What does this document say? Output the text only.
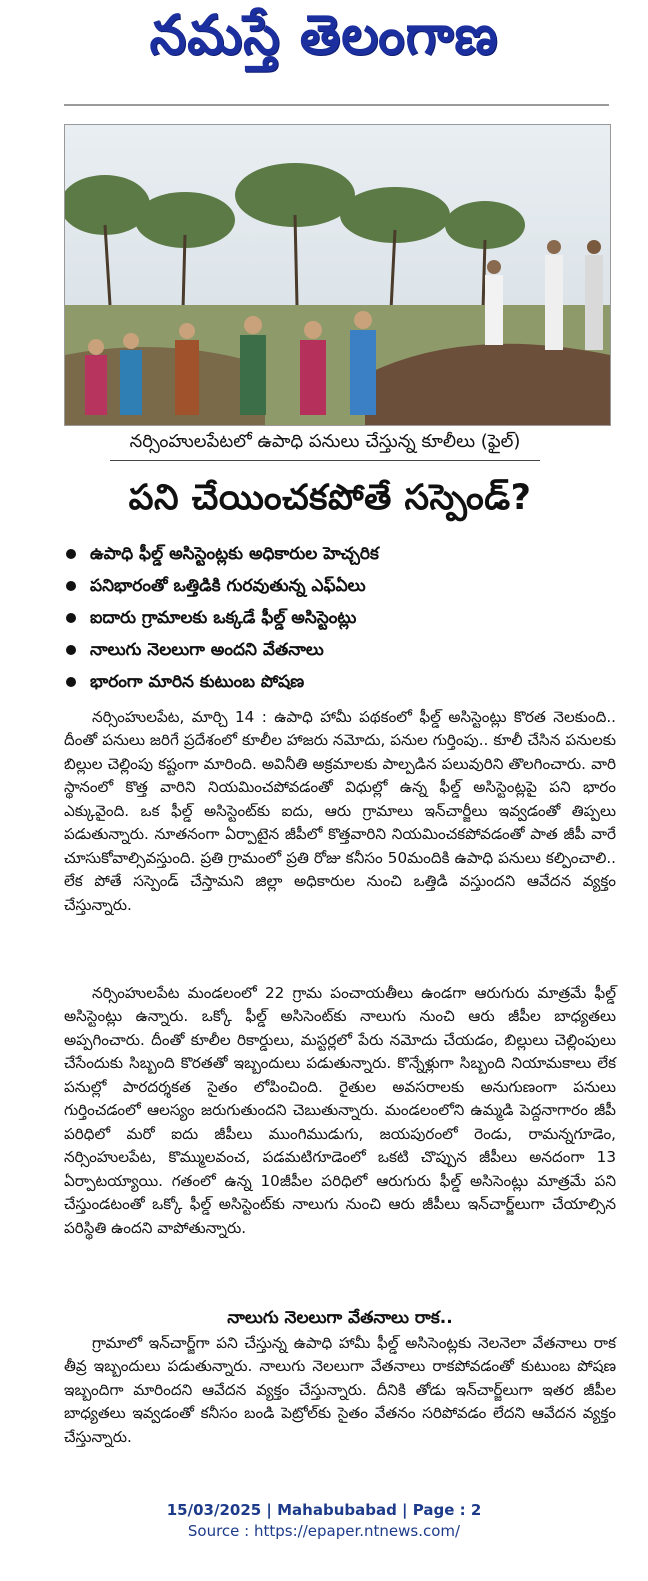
నమస్తే తెలంగాణ
నర్సింహులపేటలో ఉపాధి పనులు చేస్తున్న కూలీలు (ఫైల్)
పని చేయించకపోతే సస్పెండ్?
ఉపాధి ఫీల్డ్ అసిస్టెంట్లకు అధికారుల హెచ్చరిక
పనిభారంతో ఒత్తిడికి గురవుతున్న ఎఫ్ఏలు
ఐదారు గ్రామాలకు ఒక్కడే ఫీల్డ్ అసిస్టెంట్లు
నాలుగు నెలలుగా అందని వేతనాలు
భారంగా మారిన కుటుంబ పోషణ

నర్సింహులపేట, మార్చి 14 : ఉపాధి హామీ పథకంలో ఫీల్డ్ అసిస్టెంట్లు కొరత నెలకుంది.. దీంతో పనులు జరిగే ప్రదేశంలో కూలీల హాజరు నమోదు, పనుల గుర్తింపు.. కూలీ చేసిన పనులకు బిల్లుల చెల్లింపు కష్టంగా మారింది. అవినీతి అక్రమాలకు పాల్పడిన పలువురిని తొలగించారు. వారి స్థానంలో కొత్త వారిని నియమించపోవడంతో విధుల్లో ఉన్న ఫీల్డ్ అసిస్టెంట్లపై పని భారం ఎక్కువైంది. ఒక ఫీల్డ్ అసిస్టెంట్‌కు ఐదు, ఆరు గ్రామాలు ఇన్‌చార్జీలు ఇవ్వడంతో తిప్పలు పడుతున్నారు. నూతనంగా ఏర్పాటైన జీపీలో కొత్తవారిని నియమించకపోవడంతో పాత జీపీ వారే చూసుకోవాల్సివస్తుంది. ప్రతి గ్రామంలో ప్రతి రోజు కనీసం 50మందికి ఉపాధి పనులు కల్పించాలి.. లేక పోతే సస్పెండ్ చేస్తామని జిల్లా అధికారుల నుంచి ఒత్తిడి వస్తుందని ఆవేదన వ్యక్తం చేస్తున్నారు.

నర్సింహులపేట మండలంలో 22 గ్రామ పంచాయతీలు ఉండగా ఆరుగురు మాత్రమే ఫీల్డ్ అసిస్టెంట్లు ఉన్నారు. ఒక్కో ఫీల్డ్ అసిసెంట్‌కు నాలుగు నుంచి ఆరు జీపీల బాధ్యతలు అప్పగించారు. దీంతో కూలీల రికార్డులు, మస్టర్లలో పేరు నమోదు చేయడం, బిల్లులు చెల్లింపులు చేసేందుకు సిబ్బంది కొరతతో ఇబ్బందులు పడుతున్నారు. కొన్నేళ్లుగా సిబ్బంది నియామకాలు లేక పనుల్లో పారదర్శకత సైతం లోపించింది. రైతుల అవసరాలకు అనుగుణంగా పనులు గుర్తించడంలో ఆలస్యం జరుగుతుందని చెబుతున్నారు. మండలంలోని ఉమ్మడి పెద్దనాగారం జీపీ పరిధిలో మరో ఐదు జీపీలు ముంగిముడుగు, జయపురంలో రెండు, రామన్నగూడెం, నర్సింహులపేట, కొమ్ములవంచ, పడమటిగూడెంలో ఒకటి చొప్పున జీపీలు అనదంగా 13 ఏర్పాటయ్యాయి. గతంలో ఉన్న 10జీపీల పరిధిలో ఆరుగురు ఫీల్డ్ అసిసెంట్లు మాత్రమే పని చేస్తుండటంతో ఒక్కో ఫీల్డ్ అసిస్టెంట్‌కు నాలుగు నుంచి ఆరు జీపీలు ఇన్‌చార్జ్‌లుగా చేయాల్సిన పరిస్థితి ఉందని వాపోతున్నారు.

నాలుగు నెలలుగా వేతనాలు రాక..

గ్రామాలో ఇన్‌చార్జ్‌గా పని చేస్తున్న ఉపాధి హామీ ఫీల్డ్ అసిసెంట్లకు నెలనెలా వేతనాలు రాక తీవ్ర ఇబ్బందులు పడుతున్నారు. నాలుగు నెలలుగా వేతనాలు రాకపోవడంతో కుటుంబ పోషణ ఇబ్బందిగా మారిందని ఆవేదన వ్యక్తం చేస్తున్నారు. దీనికి తోడు ఇన్‌చార్జ్‌లుగా ఇతర జీపీల బాధ్యతలు ఇవ్వడంతో కనీసం బండి పెట్రోల్‌కు సైతం వేతనం సరిపోవడం లేదని ఆవేదన వ్యక్తం చేస్తున్నారు.

15/03/2025 | Mahabubabad | Page : 2
Source : https://epaper.ntnews.com/
